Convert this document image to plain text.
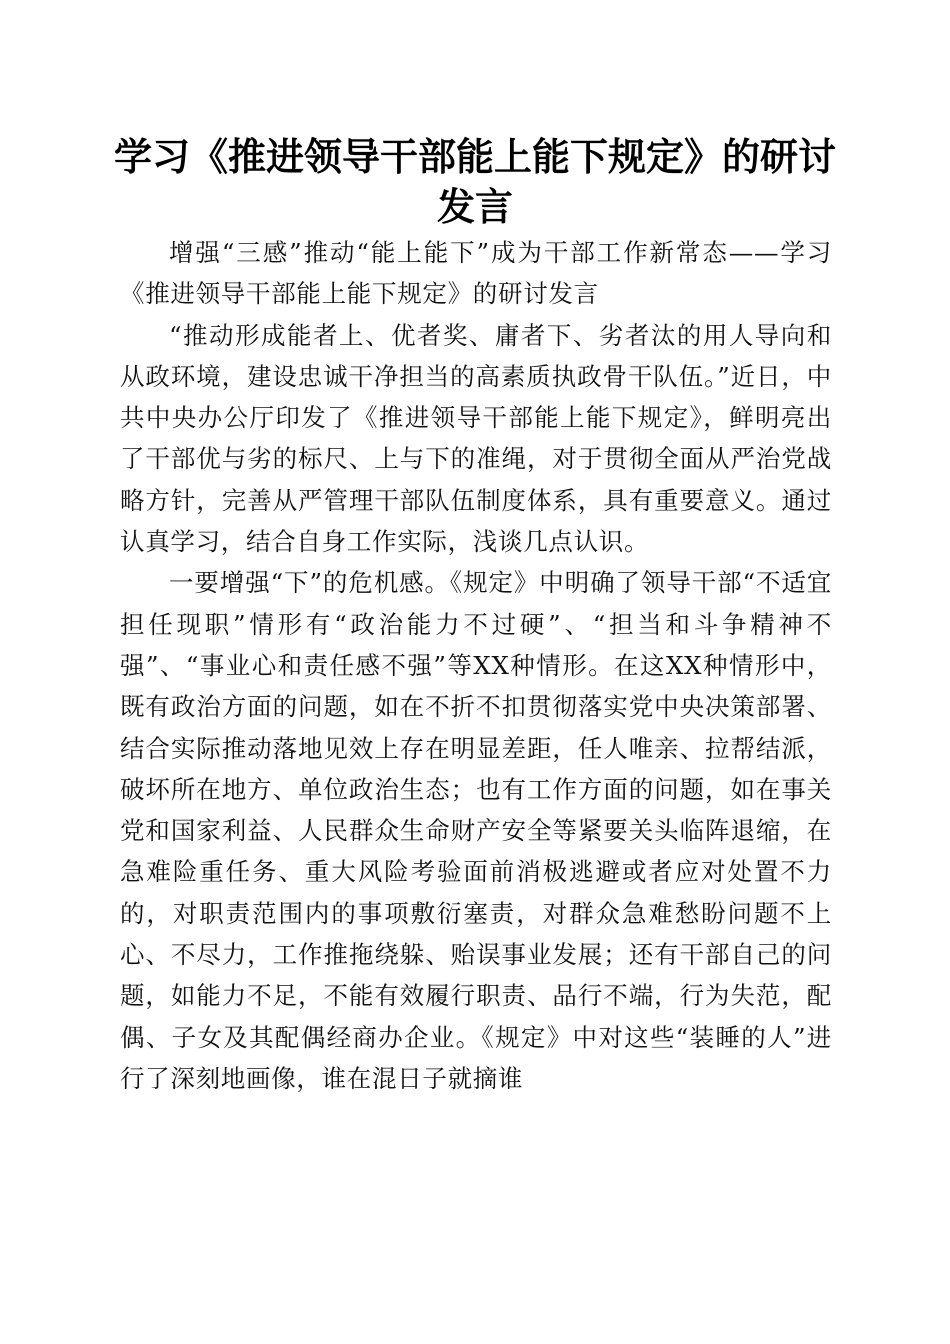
学习《推进领导干部能上能下规定》的研讨发言

增强“三感”推动“能上能下”成为干部工作新常态——学习《推进领导干部能上能下规定》的研讨发言

“推动形成能者上、优者奖、庸者下、劣者汰的用人导向和从政环境，建设忠诚干净担当的高素质执政骨干队伍。”近日，中共中央办公厅印发了《推进领导干部能上能下规定》，鲜明亮出了干部优与劣的标尺、上与下的准绳，对于贯彻全面从严治党战略方针，完善从严管理干部队伍制度体系，具有重要意义。通过认真学习，结合自身工作实际，浅谈几点认识。

一要增强“下”的危机感。《规定》中明确了领导干部“不适宜担任现职”情形有“政治能力不过硬”、“担当和斗争精神不强”、“事业心和责任感不强”等XX种情形。在这XX种情形中，既有政治方面的问题，如在不折不扣贯彻落实党中央决策部署、结合实际推动落地见效上存在明显差距，任人唯亲、拉帮结派，破坏所在地方、单位政治生态；也有工作方面的问题，如在事关党和国家利益、人民群众生命财产安全等紧要关头临阵退缩，在急难险重任务、重大风险考验面前消极逃避或者应对处置不力的，对职责范围内的事项敷衍塞责，对群众急难愁盼问题不上心、不尽力，工作推拖绕躲、贻误事业发展；还有干部自己的问题，如能力不足，不能有效履行职责、品行不端，行为失范，配偶、子女及其配偶经商办企业。《规定》中对这些“装睡的人”进行了深刻地画像，谁在混日子就摘谁
